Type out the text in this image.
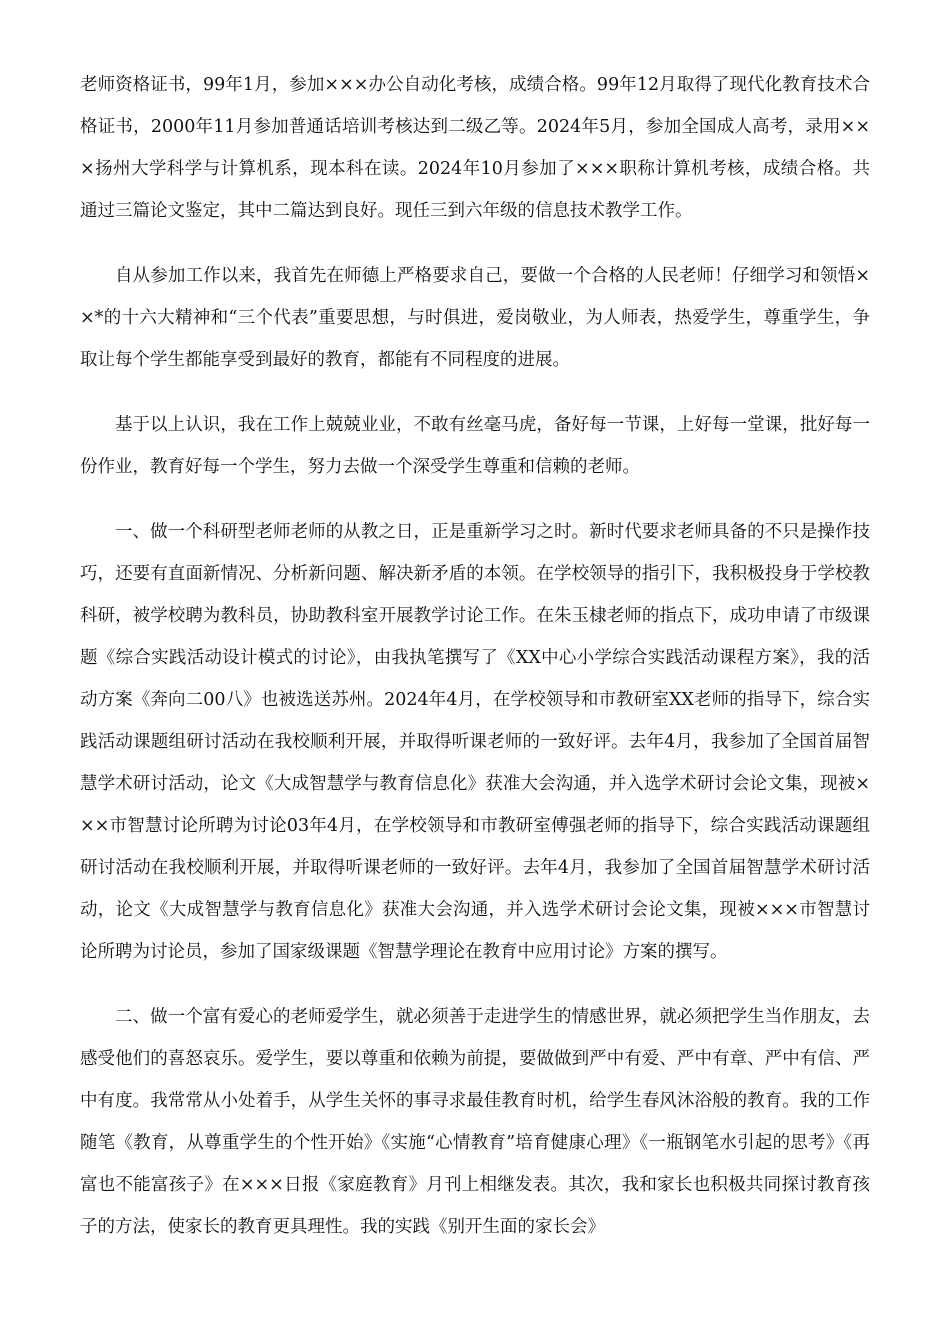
老师资格证书，99年1月，参加×××办公自动化考核，成绩合格。99年12月取得了现代化教育技术合格证书，2000年11月参加普通话培训考核达到二级乙等。2024年5月，参加全国成人高考，录用×××扬州大学科学与计算机系，现本科在读。2024年10月参加了×××职称计算机考核，成绩合格。共通过三篇论文鉴定，其中二篇达到良好。现任三到六年级的信息技术教学工作。

自从参加工作以来，我首先在师德上严格要求自己，要做一个合格的人民老师！仔细学习和领悟××*的十六大精神和“三个代表”重要思想，与时俱进，爱岗敬业，为人师表，热爱学生，尊重学生，争取让每个学生都能享受到最好的教育，都能有不同程度的进展。

基于以上认识，我在工作上兢兢业业，不敢有丝毫马虎，备好每一节课，上好每一堂课，批好每一份作业，教育好每一个学生，努力去做一个深受学生尊重和信赖的老师。

一、做一个科研型老师老师的从教之日，正是重新学习之时。新时代要求老师具备的不只是操作技巧，还要有直面新情况、分析新问题、解决新矛盾的本领。在学校领导的指引下，我积极投身于学校教科研，被学校聘为教科员，协助教科室开展教学讨论工作。在朱玉棣老师的指点下，成功申请了市级课题《综合实践活动设计模式的讨论》，由我执笔撰写了《XX中心小学综合实践活动课程方案》，我的活动方案《奔向二00八》也被选送苏州。2024年4月，在学校领导和市教研室XX老师的指导下，综合实践活动课题组研讨活动在我校顺利开展，并取得听课老师的一致好评。去年4月，我参加了全国首届智慧学术研讨活动，论文《大成智慧学与教育信息化》获准大会沟通，并入选学术研讨会论文集，现被×××市智慧讨论所聘为讨论03年4月，在学校领导和市教研室傅强老师的指导下，综合实践活动课题组研讨活动在我校顺利开展，并取得听课老师的一致好评。去年4月，我参加了全国首届智慧学术研讨活动，论文《大成智慧学与教育信息化》获准大会沟通，并入选学术研讨会论文集，现被×××市智慧讨论所聘为讨论员，参加了国家级课题《智慧学理论在教育中应用讨论》方案的撰写。

二、做一个富有爱心的老师爱学生，就必须善于走进学生的情感世界，就必须把学生当作朋友，去感受他们的喜怒哀乐。爱学生，要以尊重和依赖为前提，要做做到严中有爱、严中有章、严中有信、严中有度。我常常从小处着手，从学生关怀的事寻求最佳教育时机，给学生春风沐浴般的教育。我的工作随笔《教育，从尊重学生的个性开始》《实施“心情教育”培育健康心理》《一瓶钢笔水引起的思考》《再富也不能富孩子》在×××日报《家庭教育》月刊上相继发表。其次，我和家长也积极共同探讨教育孩子的方法，使家长的教育更具理性。我的实践《别开生面的家长会》
